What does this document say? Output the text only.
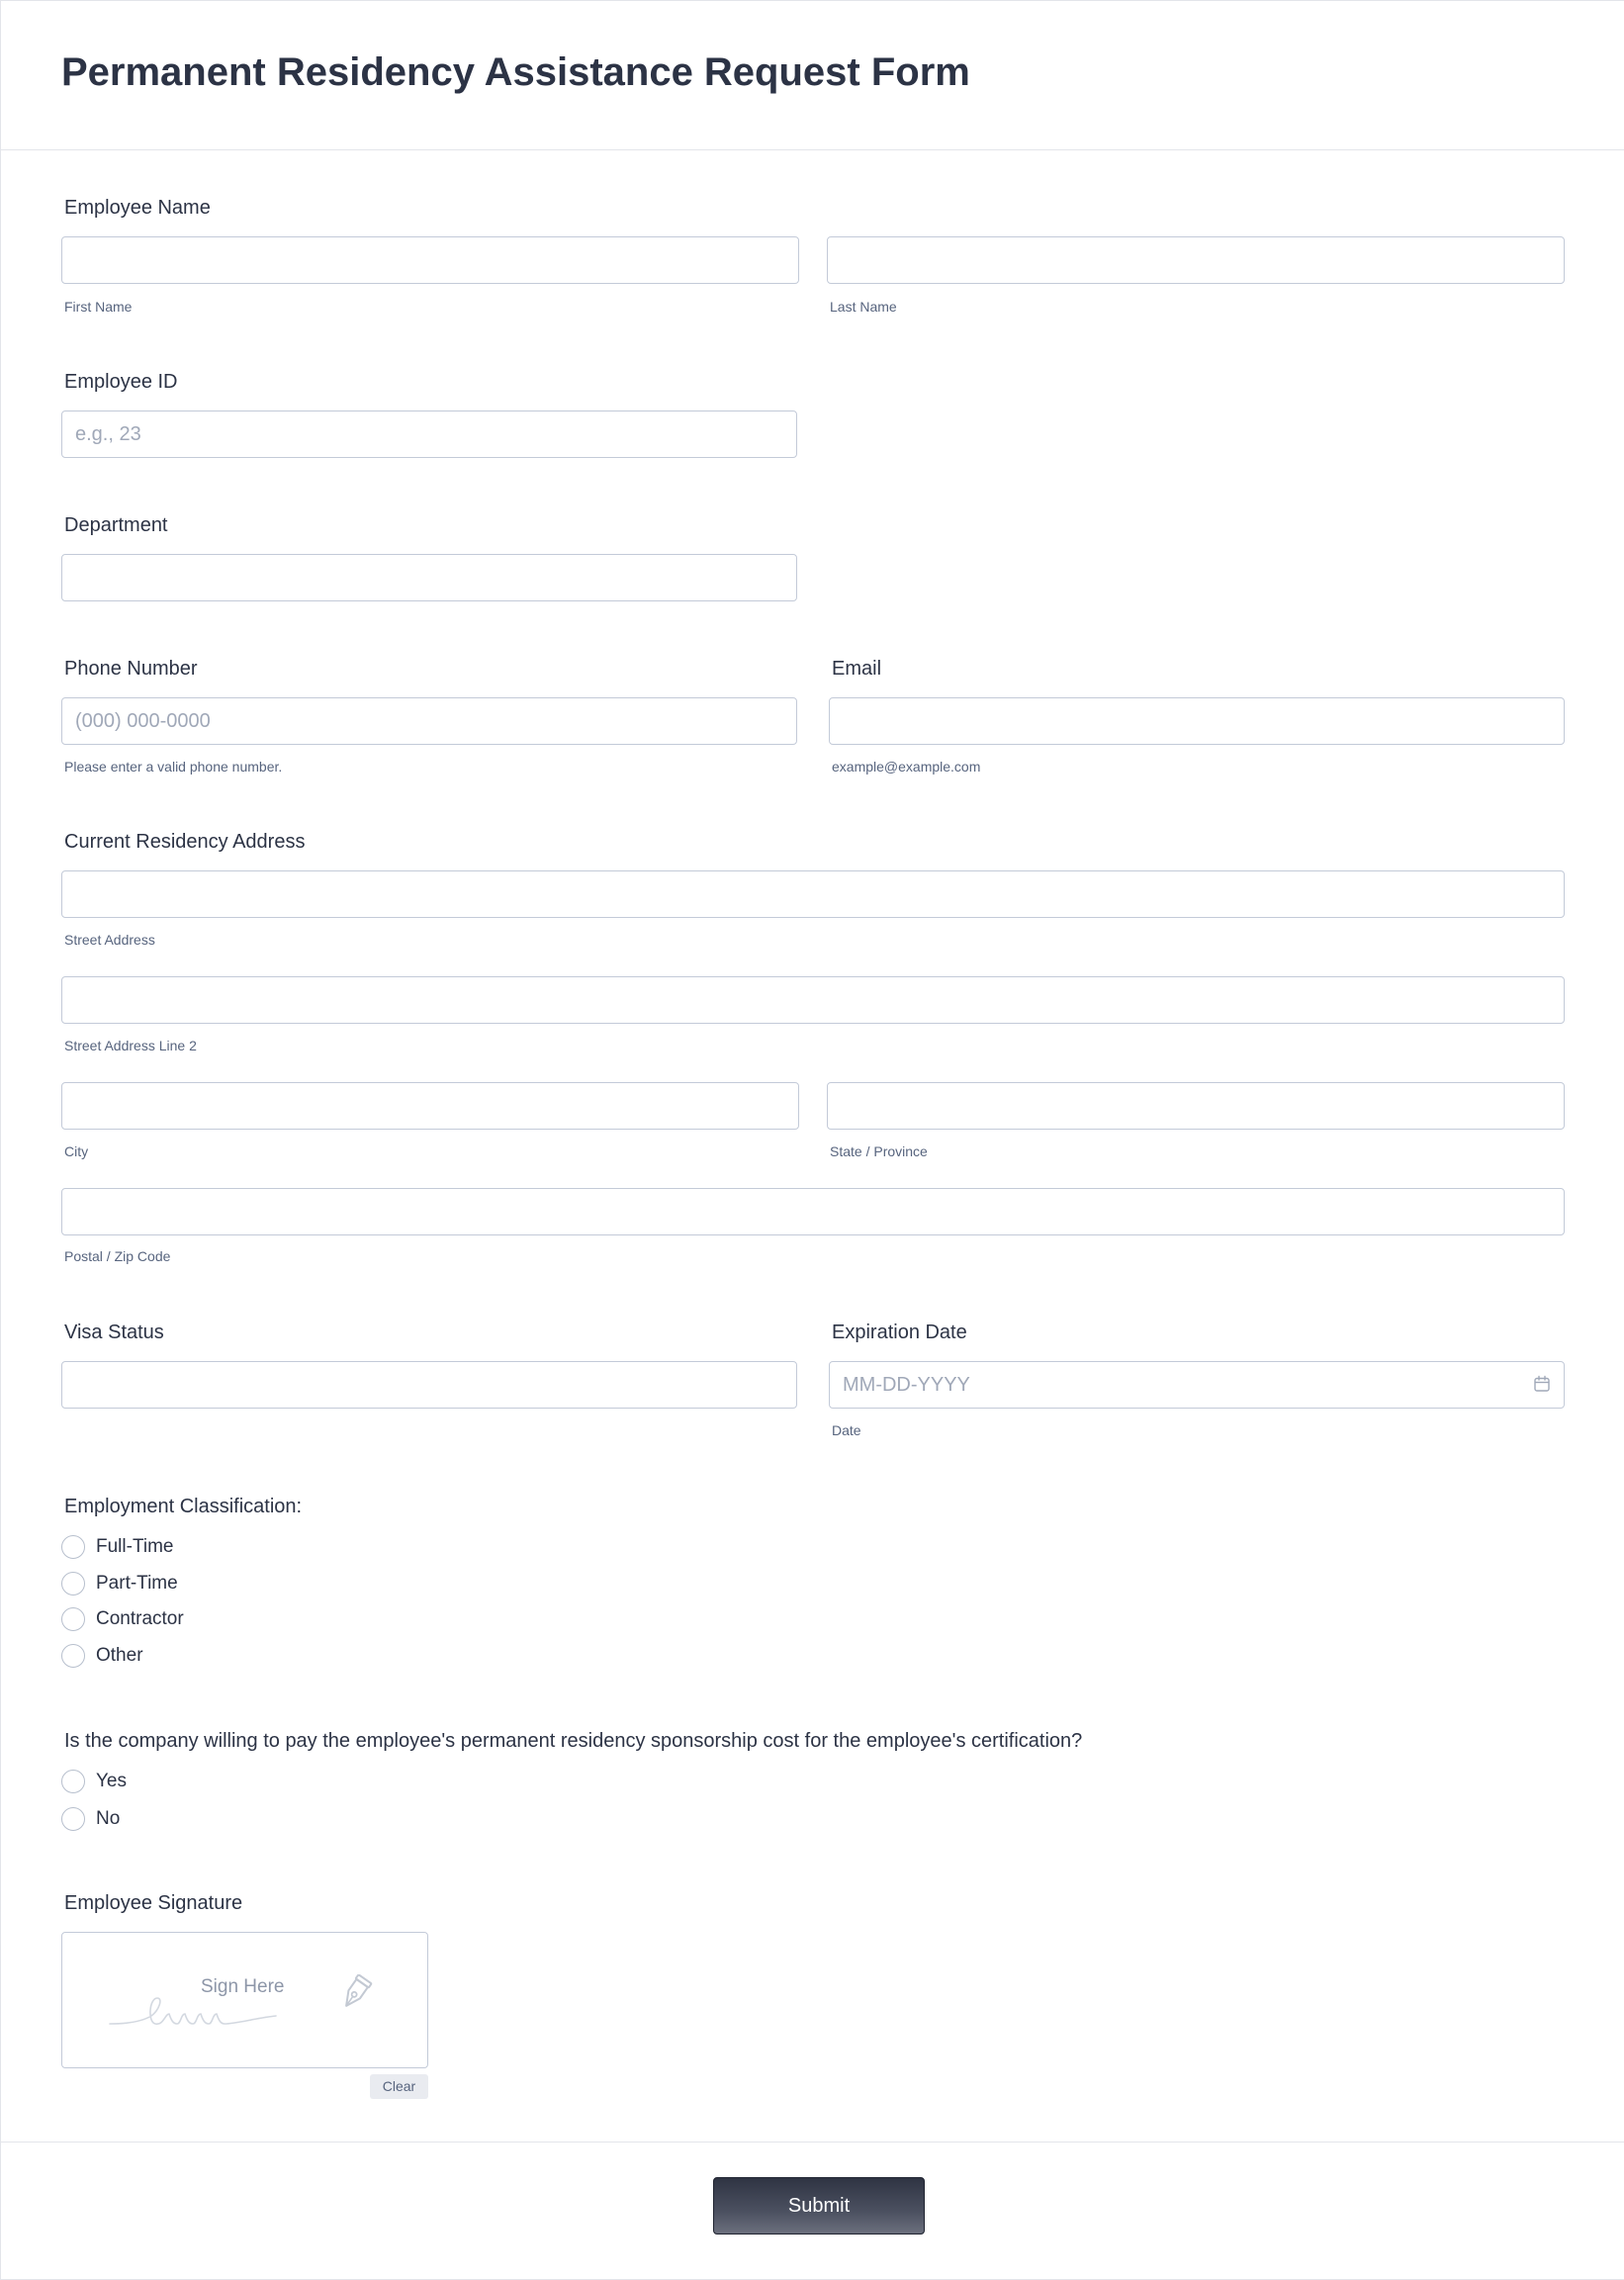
Permanent Residency Assistance Request Form
Employee Name
First Name	Last Name
Employee ID
e.g., 23
Department
Phone Number
(000) 000-0000
Please enter a valid phone number.
Email
example@example.com
Current Residency Address
Street Address
Street Address Line 2
City	State / Province
Postal / Zip Code
Visa Status	Expiration Date
MM-DD-YYYY
Date
Employment Classification:
Full-Time
Part-Time
Contractor
Other
Is the company willing to pay the employee's permanent residency sponsorship cost for the employee's certification?
Yes
No
Employee Signature
Sign Here
Clear
Submit
